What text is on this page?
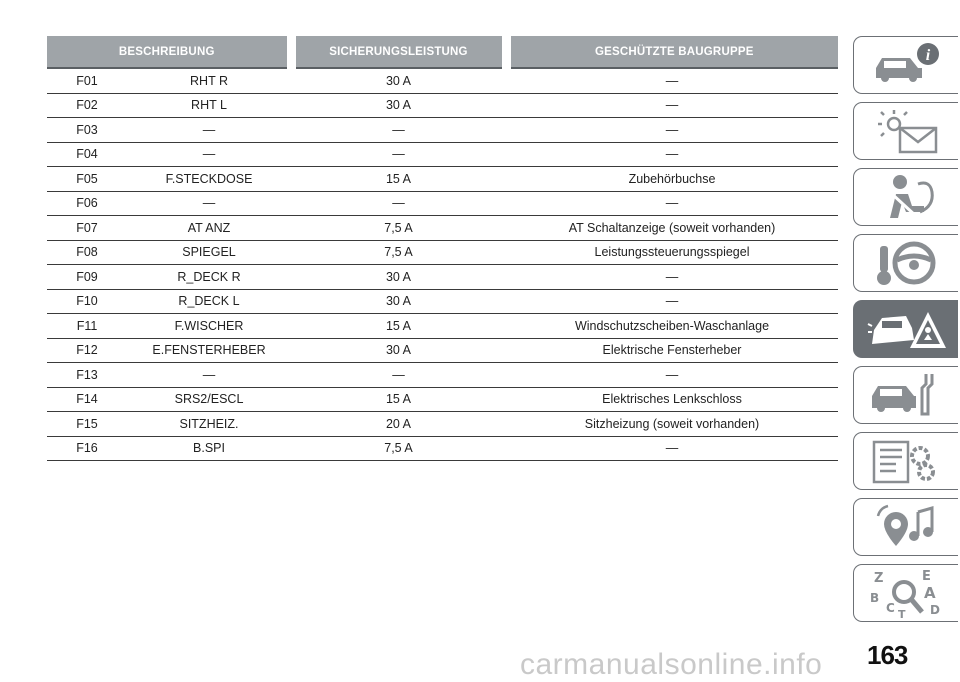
BESCHREIBUNG		SICHERUNGSLEISTUNG	GESCHÜTZTE BAUGRUPPE
F01	RHT R	30 A	—
F02	RHT L	30 A	—
F03	—	—	—
F04	—	—	—
F05	F.STECKDOSE	15 A	Zubehörbuchse
F06	—	—	—
F07	AT ANZ	7,5 A	AT Schaltanzeige (soweit vorhanden)
F08	SPIEGEL	7,5 A	Leistungssteuerungsspiegel
F09	R_DECK R	30 A	—
F10	R_DECK L	30 A	—
F11	F.WISCHER	15 A	Windschutzscheiben-Waschanlage
F12	E.FENSTERHEBER	30 A	Elektrische Fensterheber
F13	—	—	—
F14	SRS2/ESCL	15 A	Elektrisches Lenkschloss
F15	SITZHEIZ.	20 A	Sitzheizung (soweit vorhanden)
F16	B.SPI	7,5 A	—
i
Z	E
B	A
C	D
T
carmanualsonline.info 163
